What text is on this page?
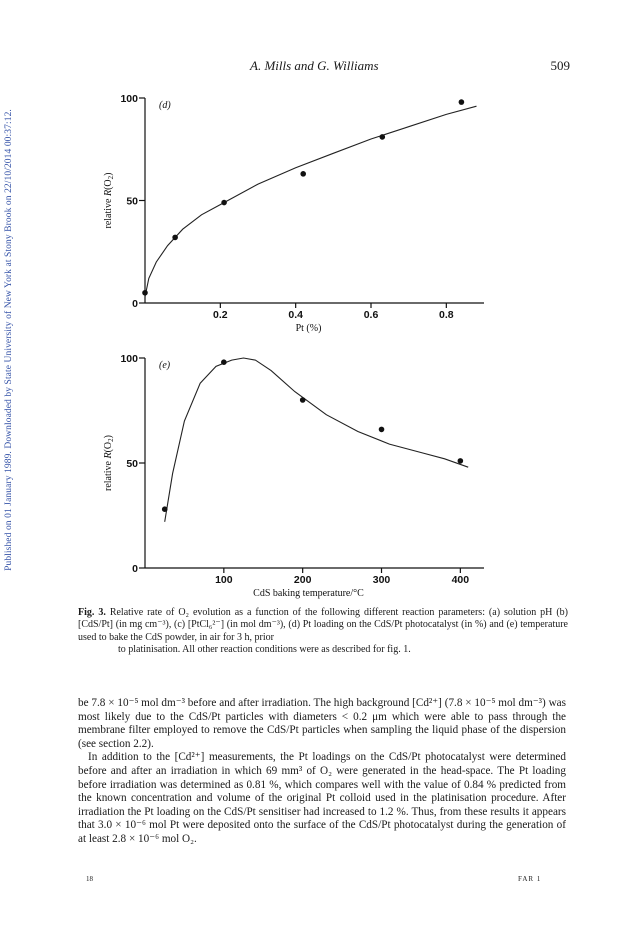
Published on 01 January 1989. Downloaded by State University of New York at Stony Brook on 22/10/2014 00:37:12.
A. Mills and G. Williams	509
0
50
100
0.2	0.4	0.6	0.8
Pt (%)
relative $R(O_2)$
(d)
0
50
100
100	200	300	400
CdS baking temperature/°C
relative $R(O_2)$
(e)
Fig. 3. Relative rate of O₂ evolution as a function of the following different reaction parameters: (a) solution pH (b) [CdS/Pt] (in mg cm⁻³), (c) [PtCl₆²⁻] (in mol dm⁻³), (d) Pt loading on the CdS/Pt photocatalyst (in %) and (e) temperature used to bake the CdS powder, in air for 3 h, prior
to platinisation. All other reaction conditions were as described for fig. 1.

be 7.8 × 10⁻⁵ mol dm⁻³ before and after irradiation. The high background [Cd²⁺] (7.8 × 10⁻⁵ mol dm⁻³) was most likely due to the CdS/Pt particles with diameters < 0.2 μm which were able to pass through the membrane filter employed to remove the CdS/Pt particles when sampling the liquid phase of the dispersion (see section 2.2).

In addition to the [Cd²⁺] measurements, the Pt loadings on the CdS/Pt photocatalyst were determined before and after an irradiation in which 69 mm³ of O₂ were generated in the head-space. The Pt loading before irradiation was determined as 0.81 %, which compares well with the value of 0.84 % predicted from the known concentration and volume of the original Pt colloid used in the platinisation procedure. After irradiation the Pt loading on the CdS/Pt sensitiser had increased to 1.2 %. Thus, from these results it appears that 3.0 × 10⁻⁶ mol Pt were deposited onto the surface of the CdS/Pt photocatalyst during the generation of at least 2.8 × 10⁻⁶ mol O₂.

18	FAR 1
